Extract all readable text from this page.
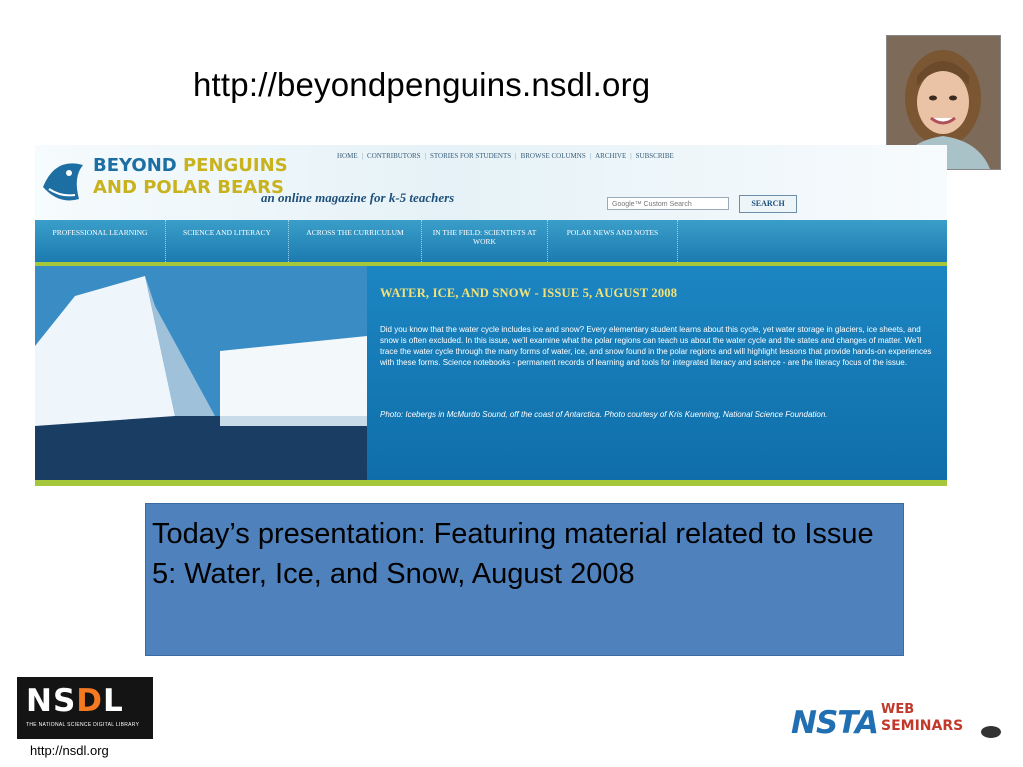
http://beyondpenguins.nsdl.org
BEYOND PENGUINS
AND POLAR BEARS
an online magazine for k-5 teachers
HOME | CONTRIBUTORS | STORIES FOR STUDENTS | BROWSE COLUMNS | ARCHIVE | SUBSCRIBE
Google™ Custom Search	SEARCH
PROFESSIONAL LEARNING	SCIENCE AND LITERACY	ACROSS THE CURRICULUM	IN THE FIELD: SCIENTISTS AT WORK
POLAR NEWS AND NOTES
WATER, ICE, AND SNOW - ISSUE 5, AUGUST 2008
Did you know that the water cycle includes ice and snow? Every elementary student learns about this cycle, yet water storage in glaciers, ice sheets, and snow is often excluded. In this issue, we'll examine what the polar regions can teach us about the water cycle and the states and changes of matter. We'll trace the water cycle through the many forms of water, ice, and snow found in the polar regions and will highlight lessons that provide hands-on experiences with these forms. Science notebooks - permanent records of learning and tools for integrated literacy and science - are the literacy focus of the issue.
Photo: Icebergs in McMurdo Sound, off the coast of Antarctica. Photo courtesy of Kris Kuenning, National Science Foundation.
Today’s presentation: Featuring material related to Issue 5: Water, Ice, and Snow, August 2008
NSDL
THE NATIONAL SCIENCE DIGITAL LIBRARY
http://nsdl.org
NSTA WEB
SEMINARS
